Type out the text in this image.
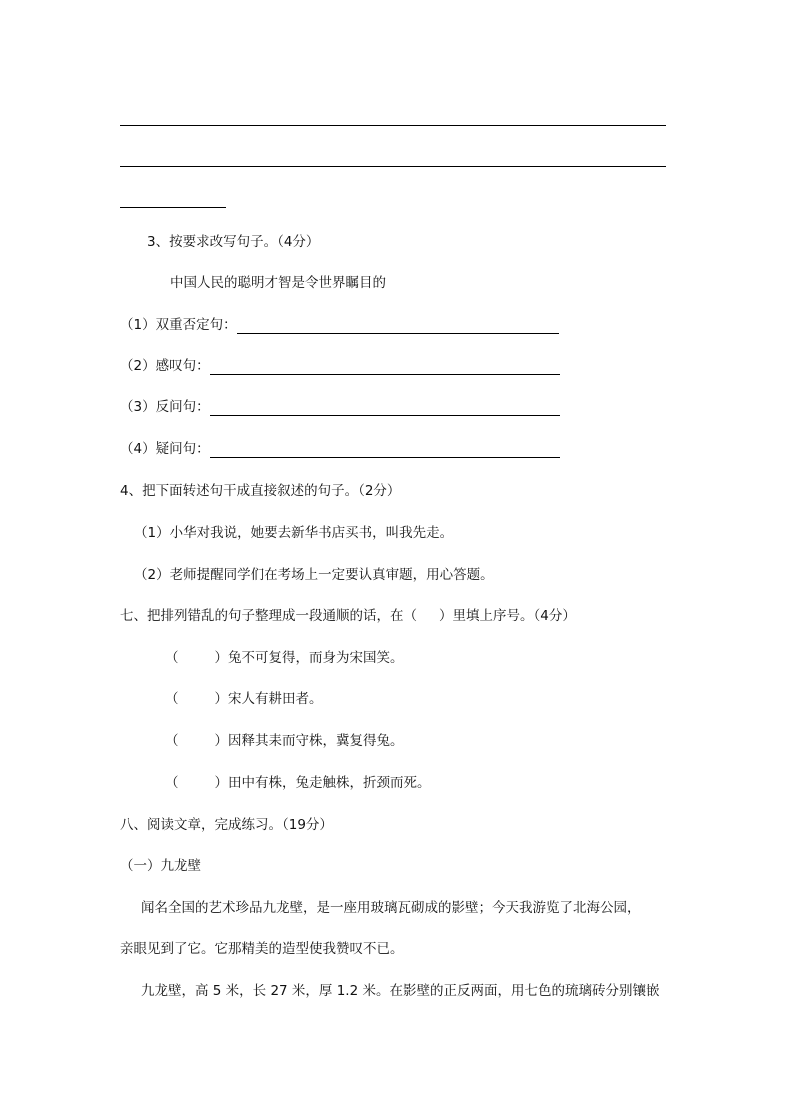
3、按要求改写句子。（4分）
中国人民的聪明才智是令世界瞩目的
（1）双重否定句：
（2）感叹句：
（3）反问句：
（4）疑问句：
4、把下面转述句干成直接叙述的句子。（2分）
（1）小华对我说，她要去新华书店买书，叫我先走。
（2）老师提醒同学们在考场上一定要认真审题，用心答题。
七、把排列错乱的句子整理成一段通顺的话，在（ ）里填上序号。（4分）
（	）兔不可复得，而身为宋国笑。
（	）宋人有耕田者。
（	）因释其耒而守株，冀复得兔。
（	）田中有株，兔走触株，折颈而死。
八、阅读文章，完成练习。（19分）
（一）九龙壁
闻名全国的艺术珍品九龙壁，是一座用玻璃瓦砌成的影壁；今天我游览了北海公园，
亲眼见到了它。它那精美的造型使我赞叹不已。
九龙壁，高 5 米，长 27 米，厚 1.2 米。在影壁的正反两面，用七色的琉璃砖分别镶嵌
